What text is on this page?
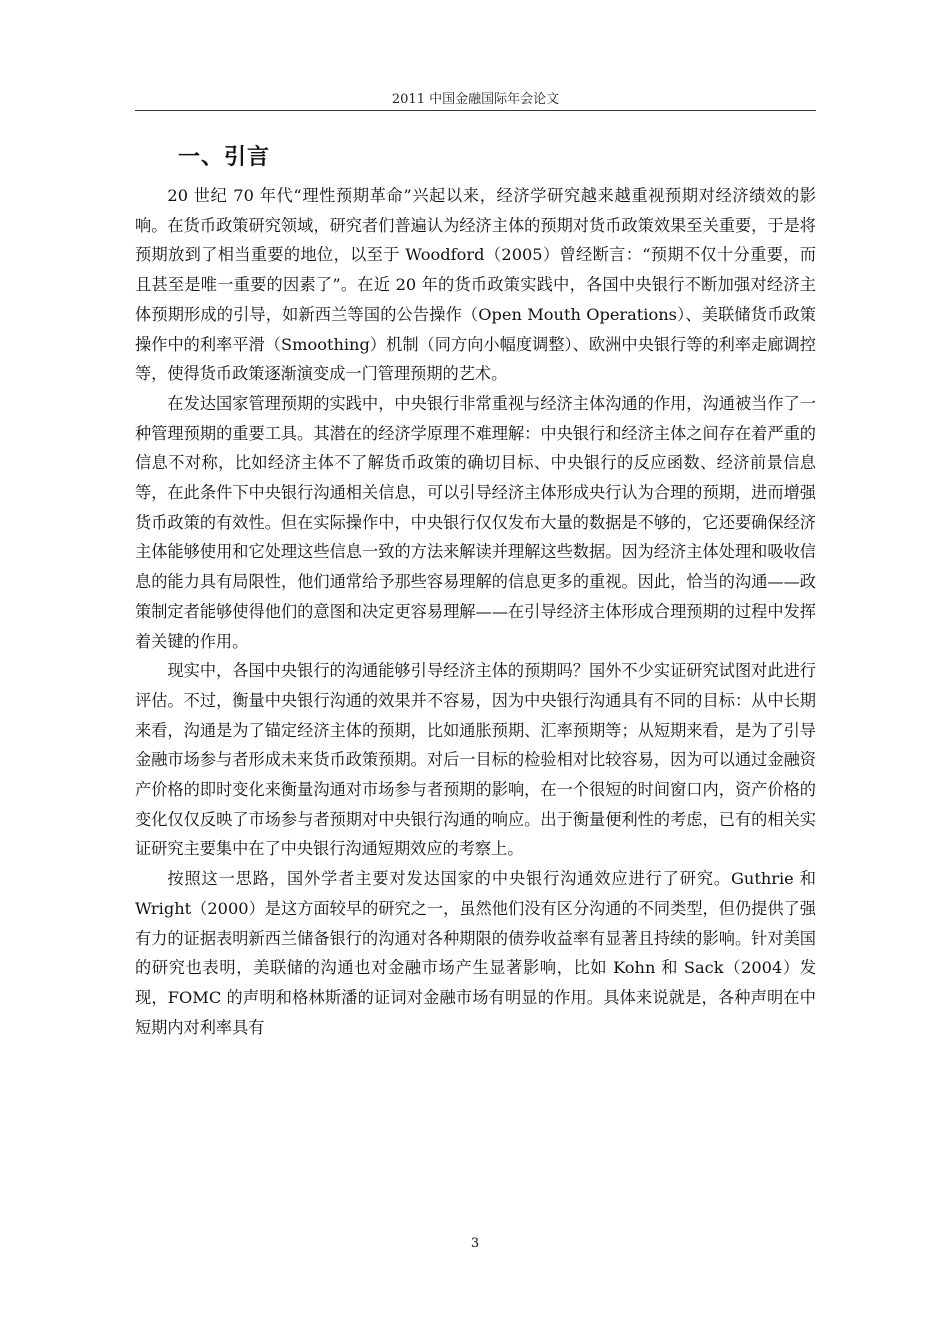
2011 中国金融国际年会论文
一、引言

20 世纪 70 年代“理性预期革命”兴起以来，经济学研究越来越重视预期对经济绩效的影响。在货币政策研究领域，研究者们普遍认为经济主体的预期对货币政策效果至关重要，于是将预期放到了相当重要的地位，以至于 Woodford（2005）曾经断言：“预期不仅十分重要，而且甚至是唯一重要的因素了”。在近 20 年的货币政策实践中，各国中央银行不断加强对经济主体预期形成的引导，如新西兰等国的公告操作（Open Mouth Operations）、美联储货币政策操作中的利率平滑（Smoothing）机制（同方向小幅度调整）、欧洲中央银行等的利率走廊调控等，使得货币政策逐渐演变成一门管理预期的艺术。

在发达国家管理预期的实践中，中央银行非常重视与经济主体沟通的作用，沟通被当作了一种管理预期的重要工具。其潜在的经济学原理不难理解：中央银行和经济主体之间存在着严重的信息不对称，比如经济主体不了解货币政策的确切目标、中央银行的反应函数、经济前景信息等，在此条件下中央银行沟通相关信息，可以引导经济主体形成央行认为合理的预期，进而增强货币政策的有效性。但在实际操作中，中央银行仅仅发布大量的数据是不够的，它还要确保经济主体能够使用和它处理这些信息一致的方法来解读并理解这些数据。因为经济主体处理和吸收信息的能力具有局限性，他们通常给予那些容易理解的信息更多的重视。因此，恰当的沟通——政策制定者能够使得他们的意图和决定更容易理解——在引导经济主体形成合理预期的过程中发挥着关键的作用。

现实中，各国中央银行的沟通能够引导经济主体的预期吗？国外不少实证研究试图对此进行评估。不过，衡量中央银行沟通的效果并不容易，因为中央银行沟通具有不同的目标：从中长期来看，沟通是为了锚定经济主体的预期，比如通胀预期、汇率预期等；从短期来看，是为了引导金融市场参与者形成未来货币政策预期。对后一目标的检验相对比较容易，因为可以通过金融资产价格的即时变化来衡量沟通对市场参与者预期的影响，在一个很短的时间窗口内，资产价格的变化仅仅反映了市场参与者预期对中央银行沟通的响应。出于衡量便利性的考虑，已有的相关实证研究主要集中在了中央银行沟通短期效应的考察上。

按照这一思路，国外学者主要对发达国家的中央银行沟通效应进行了研究。Guthrie 和 Wright（2000）是这方面较早的研究之一，虽然他们没有区分沟通的不同类型，但仍提供了强有力的证据表明新西兰储备银行的沟通对各种期限的债券收益率有显著且持续的影响。针对美国的研究也表明，美联储的沟通也对金融市场产生显著影响，比如 Kohn 和 Sack（2004）发现，FOMC 的声明和格林斯潘的证词对金融市场有明显的作用。具体来说就是，各种声明在中短期内对利率具有

3
